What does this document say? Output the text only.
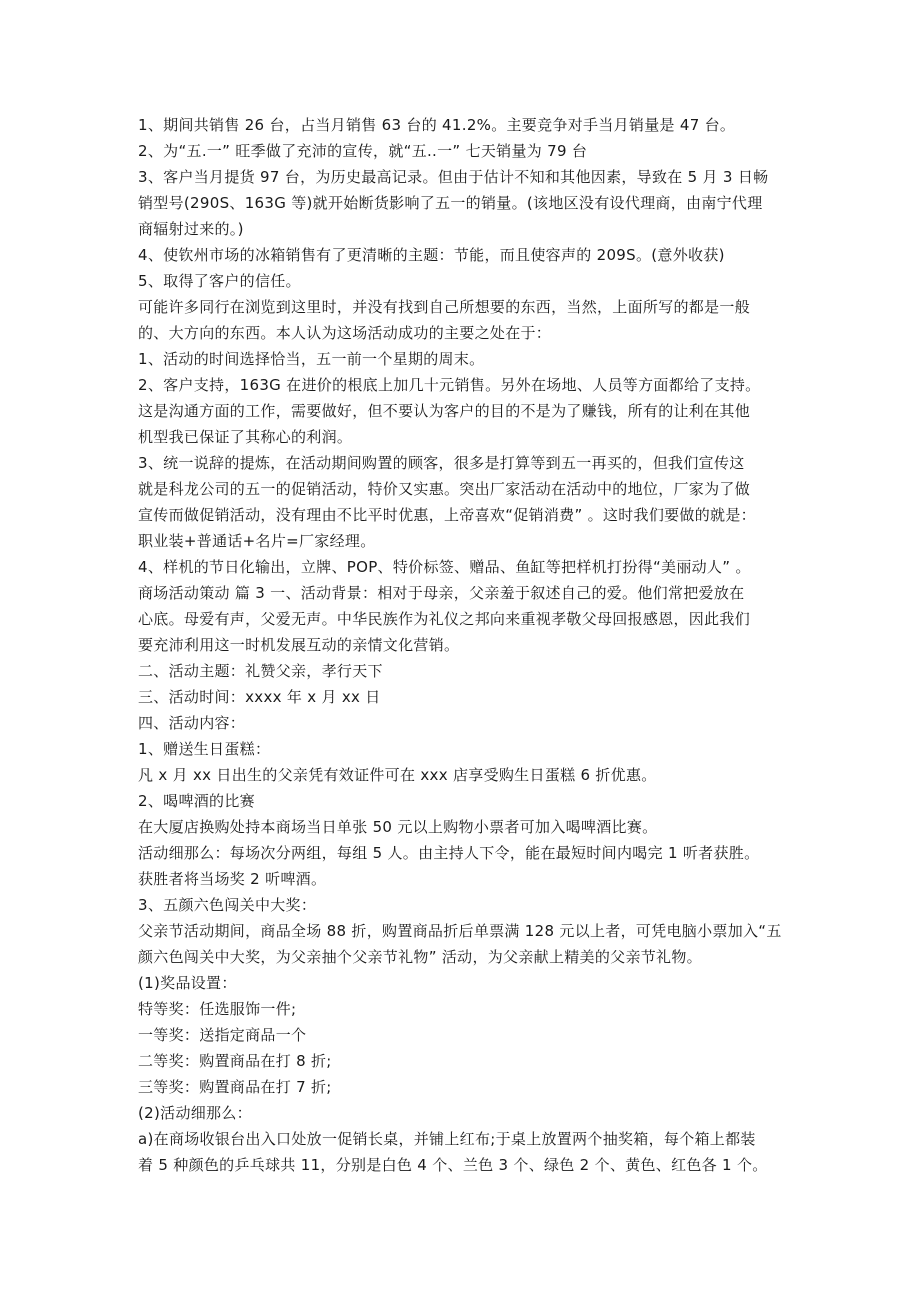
1、期间共销售 26 台，占当月销售 63 台的 41.2%。主要竞争对手当月销量是 47 台。
2、为“五.一” 旺季做了充沛的宣传，就“五..一” 七天销量为 79 台
3、客户当月提货 97 台，为历史最高记录。但由于估计不知和其他因素，导致在 5 月 3 日畅
销型号(290S、163G 等)就开始断货影响了五一的销量。(该地区没有设代理商，由南宁代理
商辐射过来的。)
4、使钦州市场的冰箱销售有了更清晰的主题：节能，而且使容声的 209S。(意外收获)
5、取得了客户的信任。
可能许多同行在浏览到这里时，并没有找到自己所想要的东西，当然，上面所写的都是一般
的、大方向的东西。本人认为这场活动成功的主要之处在于：
1、活动的时间选择恰当，五一前一个星期的周末。
2、客户支持，163G 在进价的根底上加几十元销售。另外在场地、人员等方面都给了支持。
这是沟通方面的工作，需要做好，但不要认为客户的目的不是为了赚钱，所有的让利在其他
机型我已保证了其称心的利润。
3、统一说辞的提炼，在活动期间购置的顾客，很多是打算等到五一再买的，但我们宣传这
就是科龙公司的五一的促销活动，特价又实惠。突出厂家活动在活动中的地位，厂家为了做
宣传而做促销活动，没有理由不比平时优惠，上帝喜欢“促销消费” 。这时我们要做的就是：
职业装+普通话+名片=厂家经理。
4、样机的节日化输出，立牌、POP、特价标签、赠品、鱼缸等把样机打扮得“美丽动人” 。
商场活动策动 篇 3 一、活动背景：相对于母亲，父亲羞于叙述自己的爱。他们常把爱放在
心底。母爱有声，父爱无声。中华民族作为礼仪之邦向来重视孝敬父母回报感恩，因此我们
要充沛利用这一时机发展互动的亲情文化营销。
二、活动主题：礼赞父亲，孝行天下
三、活动时间：xxxx 年 x 月 xx 日
四、活动内容：
1、赠送生日蛋糕：
凡 x 月 xx 日出生的父亲凭有效证件可在 xxx 店享受购生日蛋糕 6 折优惠。
2、喝啤酒的比赛
在大厦店换购处持本商场当日单张 50 元以上购物小票者可加入喝啤酒比赛。
活动细那么：每场次分两组，每组 5 人。由主持人下令，能在最短时间内喝完 1 听者获胜。
获胜者将当场奖 2 听啤酒。
3、五颜六色闯关中大奖：
父亲节活动期间，商品全场 88 折，购置商品折后单票满 128 元以上者，可凭电脑小票加入“五
颜六色闯关中大奖，为父亲抽个父亲节礼物” 活动，为父亲献上精美的父亲节礼物。
(1)奖品设置：
特等奖：任选服饰一件;
一等奖：送指定商品一个
二等奖：购置商品在打 8 折;
三等奖：购置商品在打 7 折;
(2)活动细那么：
a)在商场收银台出入口处放一促销长桌，并铺上红布;于桌上放置两个抽奖箱，每个箱上都装
着 5 种颜色的乒乓球共 11，分别是白色 4 个、兰色 3 个、绿色 2 个、黄色、红色各 1 个。
